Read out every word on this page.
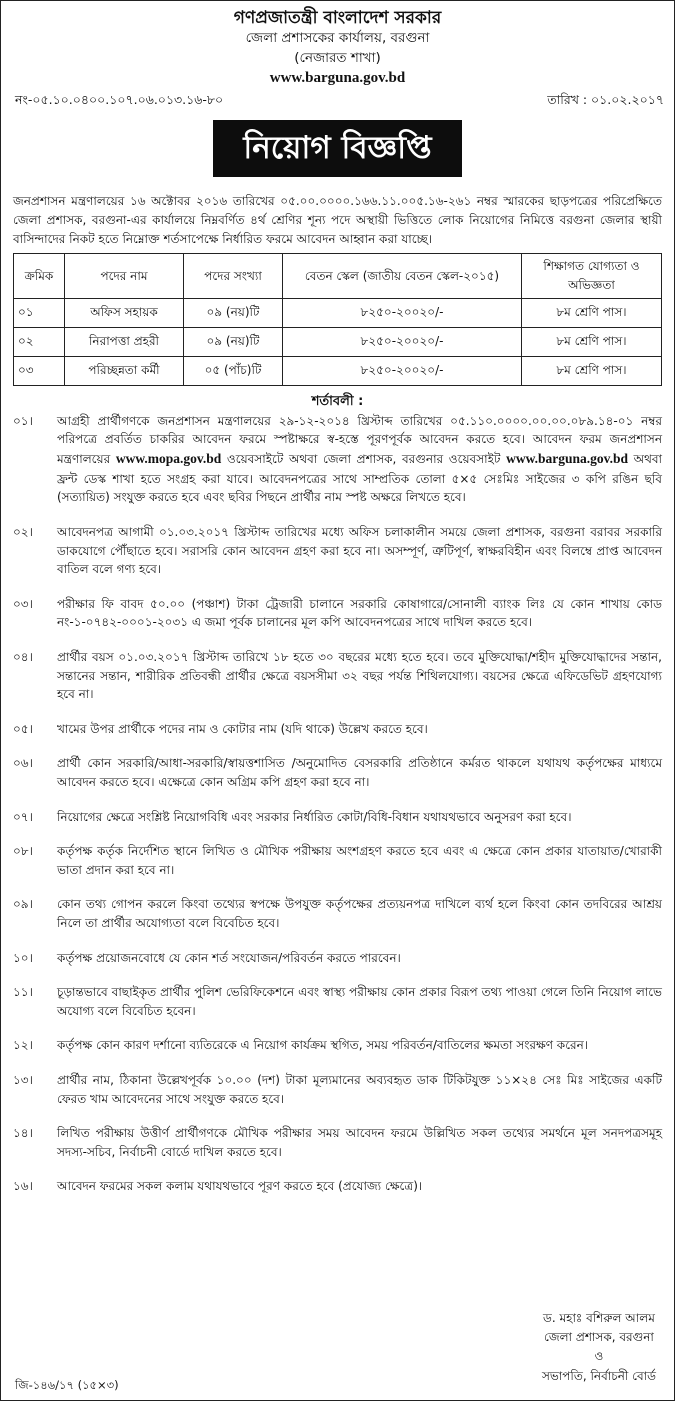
গণপ্রজাতন্ত্রী বাংলাদেশ সরকার
জেলা প্রশাসকের কার্যালয়, বরগুনা
(নেজারত শাখা)
www.barguna.gov.bd
নং-০৫.১০.০৪০০.১০৭.০৬.০১৩.১৬-৮০	তারিখ : ০১.০২.২০১৭
নিয়োগ বিজ্ঞপ্তি
জনপ্রশাসন মন্ত্রণালয়ের ১৬ অক্টোবর ২০১৬ তারিখের ০৫.০০.০০০০.১৬৬.১১.০০৫.১৬-২৬১ নম্বর স্মারকের ছাড়পত্রের পরিপ্রেক্ষিতে জেলা প্রশাসক, বরগুনা-এর কার্যালয়ে নিম্নবর্ণিত ৪র্থ শ্রেণির শূন্য পদে অস্থায়ী ভিত্তিতে লোক নিয়োগের নিমিত্তে বরগুনা জেলার স্থায়ী বাসিন্দাদের নিকট হতে নিম্নোক্ত শর্তসাপেক্ষে নির্ধারিত ফরমে আবেদন আহ্বান করা যাচ্ছে।
ক্রমিক	পদের নাম	পদের সংখ্যা	বেতন স্কেল (জাতীয় বেতন স্কেল-২০১৫)	শিক্ষাগত যোগ্যতা ও অভিজ্ঞতা
০১	অফিস সহায়ক	০৯ (নয়)টি	৮২৫০-২০০২০/-	৮ম শ্রেণি পাস।
০২	নিরাপত্তা প্রহরী	০৯ (নয়)টি	৮২৫০-২০০২০/-	৮ম শ্রেণি পাস।
০৩	পরিচ্ছন্নতা কর্মী	০৫ (পাঁচ)টি	৮২৫০-২০০২০/-	৮ম শ্রেণি পাস।
শর্তাবলী :
০১।	আগ্রহী প্রার্থীগণকে জনপ্রশাসন মন্ত্রণালয়ের ২৯-১২-২০১৪ খ্রিস্টাব্দ তারিখের ০৫.১১০.০০০০.০০.০০.০৮৯.১৪-০১ নম্বর পরিপত্রে প্রবর্তিত চাকরির আবেদন ফরমে স্পষ্টাক্ষরে স্ব-হস্তে পূরণপূর্বক আবেদন করতে হবে। আবেদন ফরম জনপ্রশাসন মন্ত্রণালয়ের www.mopa.gov.bd ওয়েবসাইটে অথবা জেলা প্রশাসক, বরগুনার ওয়েবসাইট www.barguna.gov.bd অথবা ফ্রন্ট ডেস্ক শাখা হতে সংগ্রহ করা যাবে। আবেদনপত্রের সাথে সাম্প্রতিক তোলা ৫×৫ সেঃমিঃ সাইজের ৩ কপি রঙিন ছবি (সত্যায়িত) সংযুক্ত করতে হবে এবং ছবির পিছনে প্রার্থীর নাম স্পষ্ট অক্ষরে লিখতে হবে।
০২।	আবেদনপত্র আগামী ০১.০৩.২০১৭ খ্রিস্টাব্দ তারিখের মধ্যে অফিস চলাকালীন সময়ে জেলা প্রশাসক, বরগুনা বরাবর সরকারি ডাকযোগে পৌঁছাতে হবে। সরাসরি কোন আবেদন গ্রহণ করা হবে না। অসম্পূর্ণ, ত্রুটিপূর্ণ, স্বাক্ষরবিহীন এবং বিলম্বে প্রাপ্ত আবেদন বাতিল বলে গণ্য হবে।
০৩।	পরীক্ষার ফি বাবদ ৫০.০০ (পঞ্চাশ) টাকা ট্রেজারী চালানে সরকারি কোষাগারে/সোনালী ব্যাংক লিঃ যে কোন শাখায় কোড নং-১-০৭৪২-০০০১-২০৩১ এ জমা পূর্বক চালানের মূল কপি আবেদনপত্রের সাথে দাখিল করতে হবে।
০৪।	প্রার্থীর বয়স ০১.০৩.২০১৭ খ্রিস্টাব্দ তারিখে ১৮ হতে ৩০ বছরের মধ্যে হতে হবে। তবে মুক্তিযোদ্ধা/শহীদ মুক্তিযোদ্ধাদের সন্তান, সন্তানের সন্তান, শারীরিক প্রতিবন্ধী প্রার্থীর ক্ষেত্রে বয়সসীমা ৩২ বছর পর্যন্ত শিথিলযোগ্য। বয়সের ক্ষেত্রে এফিডেভিট গ্রহণযোগ্য হবে না।
০৫।	খামের উপর প্রার্থীকে পদের নাম ও কোটার নাম (যদি থাকে) উল্লেখ করতে হবে।
০৬।	প্রার্থী কোন সরকারি/আধা-সরকারি/স্বায়ত্তশাসিত /অনুমোদিত বেসরকারি প্রতিষ্ঠানে কর্মরত থাকলে যথাযথ কর্তৃপক্ষের মাধ্যমে আবেদন করতে হবে। এক্ষেত্রে কোন অগ্রিম কপি গ্রহণ করা হবে না।
০৭।	নিয়োগের ক্ষেত্রে সংশ্লিষ্ট নিয়োগবিধি এবং সরকার নির্ধারিত কোটা/বিধি-বিধান যথাযথভাবে অনুসরণ করা হবে।
০৮।	কর্তৃপক্ষ কর্তৃক নির্দেশিত স্থানে লিখিত ও মৌখিক পরীক্ষায় অংশগ্রহণ করতে হবে এবং এ ক্ষেত্রে কোন প্রকার যাতায়াত/খোরাকী ভাতা প্রদান করা হবে না।
০৯।	কোন তথ্য গোপন করলে কিংবা তথ্যের স্বপক্ষে উপযুক্ত কর্তৃপক্ষের প্রত্যয়নপত্র দাখিলে ব্যর্থ হলে কিংবা কোন তদবিরের আশ্রয় নিলে তা প্রার্থীর অযোগ্যতা বলে বিবেচিত হবে।
১০।	কর্তৃপক্ষ প্রয়োজনবোধে যে কোন শর্ত সংযোজন/পরিবর্তন করতে পারবেন।
১১।	চূড়ান্তভাবে বাছাইকৃত প্রার্থীর পুলিশ ভেরিফিকেশনে এবং স্বাস্থ্য পরীক্ষায় কোন প্রকার বিরূপ তথ্য পাওয়া গেলে তিনি নিয়োগ লাভে অযোগ্য বলে বিবেচিত হবেন।
১২।	কর্তৃপক্ষ কোন কারণ দর্শানো ব্যতিরেকে এ নিয়োগ কার্যক্রম স্থগিত, সময় পরিবর্তন/বাতিলের ক্ষমতা সংরক্ষণ করেন।
১৩।	প্রার্থীর নাম, ঠিকানা উল্লেখপূর্বক ১০.০০ (দশ) টাকা মূল্যমানের অব্যবহৃত ডাক টিকিটযুক্ত ১১×২৪ সেঃ মিঃ সাইজের একটি ফেরত খাম আবেদনের সাথে সংযুক্ত করতে হবে।
১৪।	লিখিত পরীক্ষায় উত্তীর্ণ প্রার্থীগণকে মৌখিক পরীক্ষার সময় আবেদন ফরমে উল্লিখিত সকল তথ্যের সমর্থনে মূল সনদপত্রসমূহ সদস্য-সচিব, নির্বাচনী বোর্ডে দাখিল করতে হবে।
১৬।	আবেদন ফরমের সকল কলাম যথাযথভাবে পূরণ করতে হবে (প্রযোজ্য ক্ষেত্রে)।
ড. মহাঃ বশিরুল আলম
জেলা প্রশাসক, বরগুনা
ও
সভাপতি, নির্বাচনী বোর্ড
জি-১৪৬/১৭ (১৫×৩)
